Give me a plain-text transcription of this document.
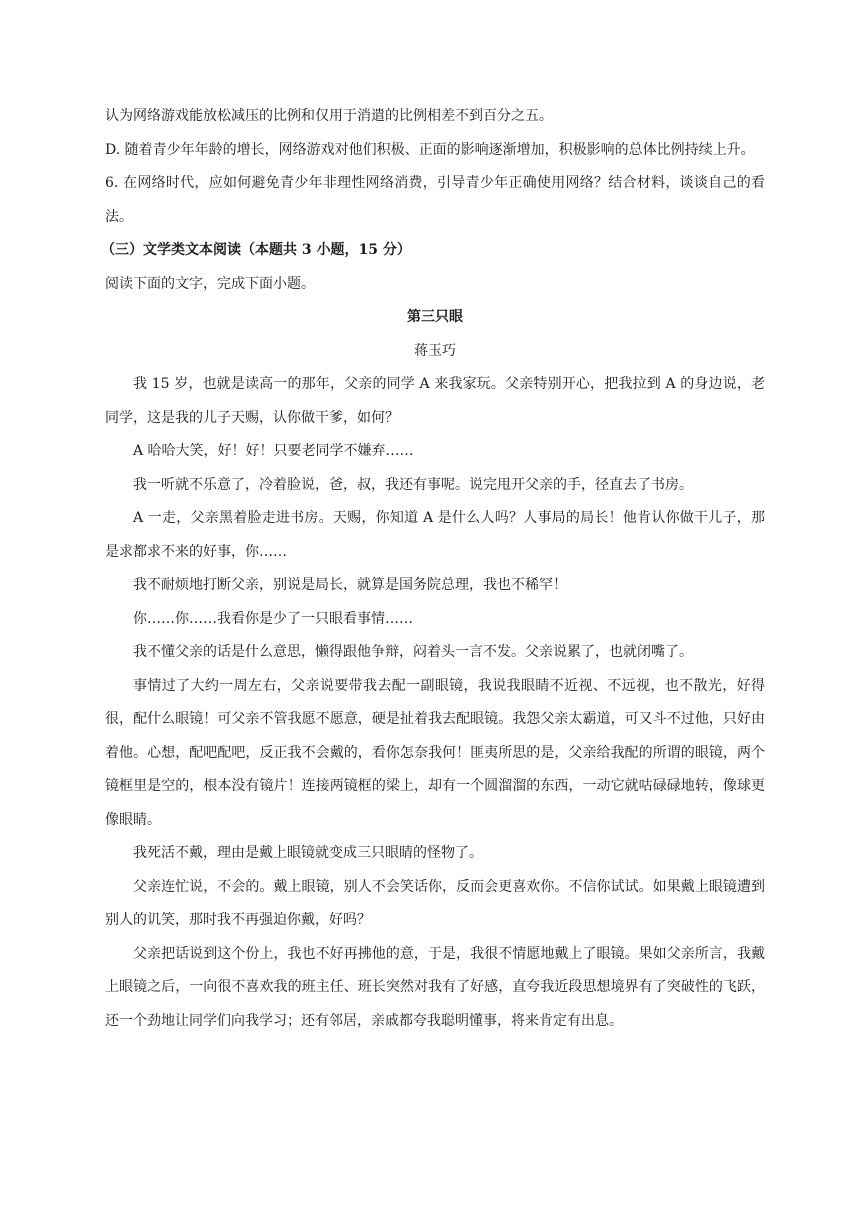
认为网络游戏能放松减压的比例和仅用于消遣的比例相差不到百分之五。

D. 随着青少年年龄的增长，网络游戏对他们积极、正面的影响逐渐增加，积极影响的总体比例持续上升。

6. 在网络时代，应如何避免青少年非理性网络消费，引导青少年正确使用网络？结合材料，谈谈自己的看法。

（三）文学类文本阅读（本题共 3 小题，15 分）

阅读下面的文字，完成下面小题。

第三只眼

蒋玉巧

我 15 岁，也就是读高一的那年，父亲的同学 A 来我家玩。父亲特别开心，把我拉到 A 的身边说，老同学，这是我的儿子天赐，认你做干爹，如何？

A 哈哈大笑，好！好！只要老同学不嫌弃……

我一听就不乐意了，冷着脸说，爸，叔，我还有事呢。说完甩开父亲的手，径直去了书房。

A 一走，父亲黑着脸走进书房。天赐，你知道 A 是什么人吗？人事局的局长！他肯认你做干儿子，那是求都求不来的好事，你……

我不耐烦地打断父亲，别说是局长，就算是国务院总理，我也不稀罕！

你……你……我看你是少了一只眼看事情……

我不懂父亲的话是什么意思，懒得跟他争辩，闷着头一言不发。父亲说累了，也就闭嘴了。

事情过了大约一周左右，父亲说要带我去配一副眼镜，我说我眼睛不近视、不远视，也不散光，好得很，配什么眼镜！可父亲不管我愿不愿意，硬是扯着我去配眼镜。我怨父亲太霸道，可又斗不过他，只好由着他。心想，配吧配吧，反正我不会戴的，看你怎奈我何！匪夷所思的是，父亲给我配的所谓的眼镜，两个镜框里是空的，根本没有镜片！连接两镜框的梁上，却有一个圆溜溜的东西，一动它就咕碌碌地转，像球更像眼睛。

我死活不戴，理由是戴上眼镜就变成三只眼睛的怪物了。

父亲连忙说，不会的。戴上眼镜，别人不会笑话你，反而会更喜欢你。不信你试试。如果戴上眼镜遭到别人的讥笑，那时我不再强迫你戴，好吗？

父亲把话说到这个份上，我也不好再拂他的意，于是，我很不情愿地戴上了眼镜。果如父亲所言，我戴上眼镜之后，一向很不喜欢我的班主任、班长突然对我有了好感，直夸我近段思想境界有了突破性的飞跃，还一个劲地让同学们向我学习；还有邻居，亲戚都夸我聪明懂事，将来肯定有出息。
